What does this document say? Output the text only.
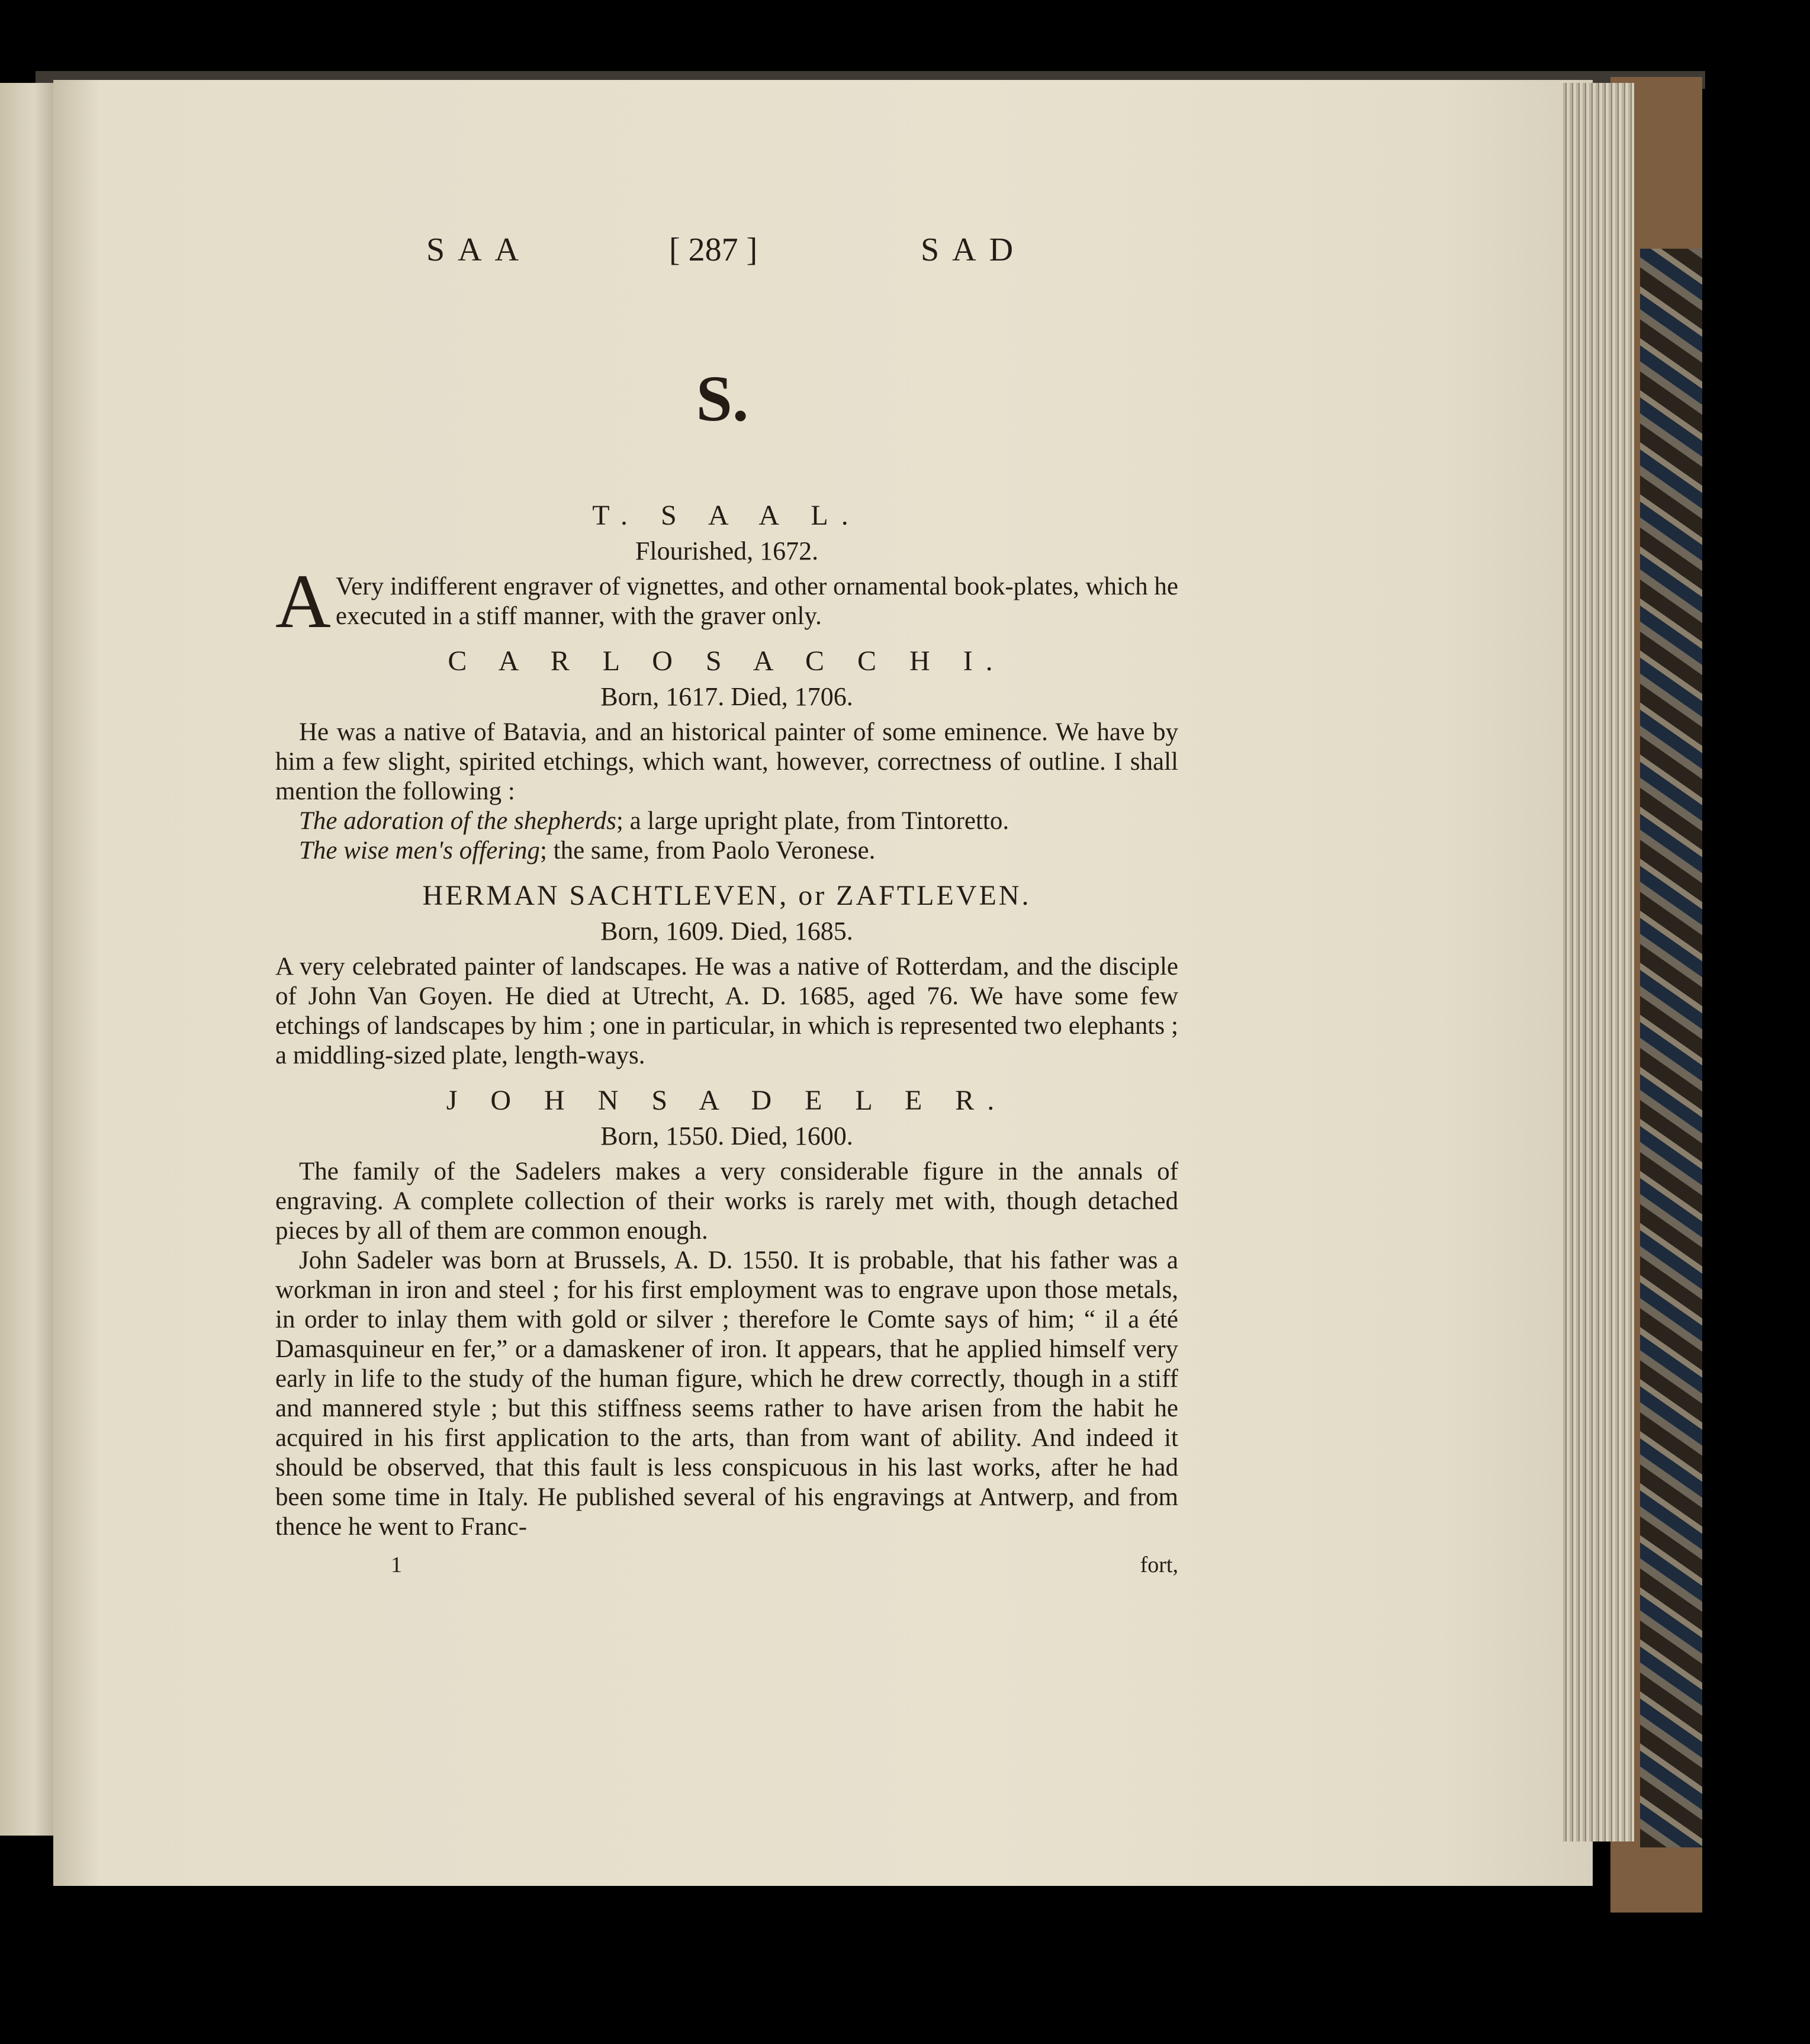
SAA	[ 287 ]	SAD
S.
T. S A A L.
Flourished, 1672.

AVery indifferent engraver of vignettes, and other ornamental book-plates, which he executed in a stiff manner, with the graver only.

C A R L O S A C C H I.
Born, 1617. Died, 1706.

He was a native of Batavia, and an historical painter of some eminence. We have by him a few slight, spirited etchings, which want, however, correctness of outline. I shall mention the following :

The adoration of the shepherds; a large upright plate, from Tintoretto.
The wise men's offering; the same, from Paolo Veronese.
HERMAN SACHTLEVEN, or ZAFTLEVEN.
Born, 1609. Died, 1685.

A very celebrated painter of landscapes. He was a native of Rotterdam, and the disciple of John Van Goyen. He died at Utrecht, A. D. 1685, aged 76. We have some few etchings of landscapes by him ; one in particular, in which is represented two elephants ; a middling-sized plate, length-ways.

J O H N S A D E L E R.
Born, 1550. Died, 1600.

The family of the Sadelers makes a very considerable figure in the annals of engraving. A complete collection of their works is rarely met with, though detached pieces by all of them are common enough.

John Sadeler was born at Brussels, A. D. 1550. It is probable, that his father was a workman in iron and steel ; for his first employment was to engrave upon those metals, in order to inlay them with gold or silver ; therefore le Comte says of him; “ il a été Damasquineur en fer,” or a damaskener of iron. It appears, that he applied himself very early in life to the study of the human figure, which he drew correctly, though in a stiff and mannered style ; but this stiffness seems rather to have arisen from the habit he acquired in his first application to the arts, than from want of ability. And indeed it should be observed, that this fault is less conspicuous in his last works, after he had been some time in Italy. He published several of his engravings at Antwerp, and from thence he went to Franc-

1	fort,
